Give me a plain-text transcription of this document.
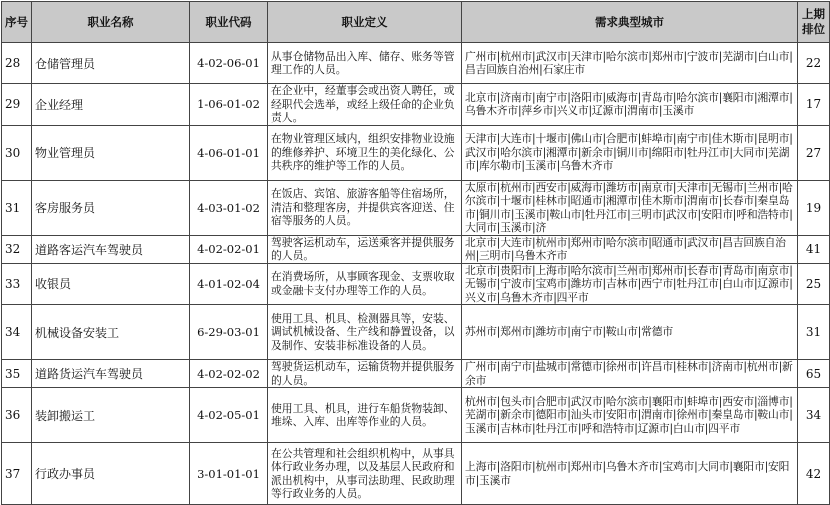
序号	职业名称	职业代码	职业定义	需求典型城市	上期
排位

28	仓储管理员	4-02-06-01	从事仓储物品出入库、储存、账务等管理工作的人员。	广州市|杭州市|武汉市|天津市|哈尔滨市|郑州市|宁波市|芜湖市|白山市|昌吉回族自治州|石家庄市	22
29	企业经理	1-06-01-02	在企业中，经董事会或出资人聘任，或经职代会选举，或经上级任命的企业负责人。	北京市|济南市|南宁市|洛阳市|威海市|青岛市|哈尔滨市|襄阳市|湘潭市|乌鲁木齐市|萍乡市|兴义市|辽源市|渭南市|玉溪市	17
30	物业管理员	4-06-01-01	在物业管理区域内，组织安排物业设施的维修养护、环境卫生的美化绿化、公共秩序的维护等工作的人员。	天津市|大连市|十堰市|佛山市|合肥市|蚌埠市|南宁市|佳木斯市|昆明市|武汉市|哈尔滨市|湘潭市|新余市|铜川市|绵阳市|牡丹江市|大同市|芜湖市|库尔勒市|玉溪市|乌鲁木齐市	27
31	客房服务员	4-03-01-02	在饭店、宾馆、旅游客船等住宿场所，清洁和整理客房，并提供宾客迎送、住宿等服务的人员。	太原市|杭州市|西安市|威海市|潍坊市|南京市|天津市|无锡市|兰州市|哈尔滨市|十堰市|桂林市|昭通市|湘潭市|佳木斯市|渭南市|长春市|秦皇岛市|铜川市|玉溪市|鞍山市|牡丹江市|三明市|武汉市|安阳市|呼和浩特市|大同市|玉溪市|济	19
32	道路客运汽车驾驶员	4-02-02-01	驾驶客运机动车，运送乘客并提供服务的人员。	北京市|大连市|杭州市|郑州市|哈尔滨市|昭通市|武汉市|昌吉回族自治州|三明市|乌鲁木齐市	41
33	收银员	4-01-02-04	在消费场所，从事顾客现金、支票收取或金融卡支付办理等工作的人员。	北京市|贵阳市|上海市|哈尔滨市|兰州市|郑州市|长春市|青岛市|南京市|无锡市|宁波市|宝鸡市|潍坊市|吉林市|西宁市|牡丹江市|白山市|辽源市|兴义市|乌鲁木齐市|四平市	25
34	机械设备安装工	6-29-03-01	使用工具、机具、检测器具等，安装、调试机械设备、生产线和静置设备，以及制作、安装非标准设备的人员。	苏州市|郑州市|潍坊市|南宁市|鞍山市|常德市	31
35	道路货运汽车驾驶员	4-02-02-02	驾驶货运机动车，运输货物并提供服务的人员。	广州市|南宁市|盐城市|常德市|徐州市|许昌市|桂林市|济南市|杭州市|新余市	65
36	装卸搬运工	4-02-05-01	使用工具、机具，进行车船货物装卸、堆垛、入库、出库等作业的人员。	杭州市|包头市|合肥市|武汉市|哈尔滨市|襄阳市|蚌埠市|西安市|淄博市|芜湖市|新余市|德阳市|汕头市|安阳市|渭南市|徐州市|秦皇岛市|鞍山市|玉溪市|吉林市|牡丹江市|呼和浩特市|辽源市|白山市|四平市	34
37	行政办事员	3-01-01-01	在公共管理和社会组织机构中，从事具体行政业务办理，以及基层人民政府和派出机构中，从事司法助理、民政助理等行政业务的人员。	上海市|洛阳市|杭州市|郑州市|乌鲁木齐市|宝鸡市|大同市|襄阳市|安阳市|玉溪市	42
